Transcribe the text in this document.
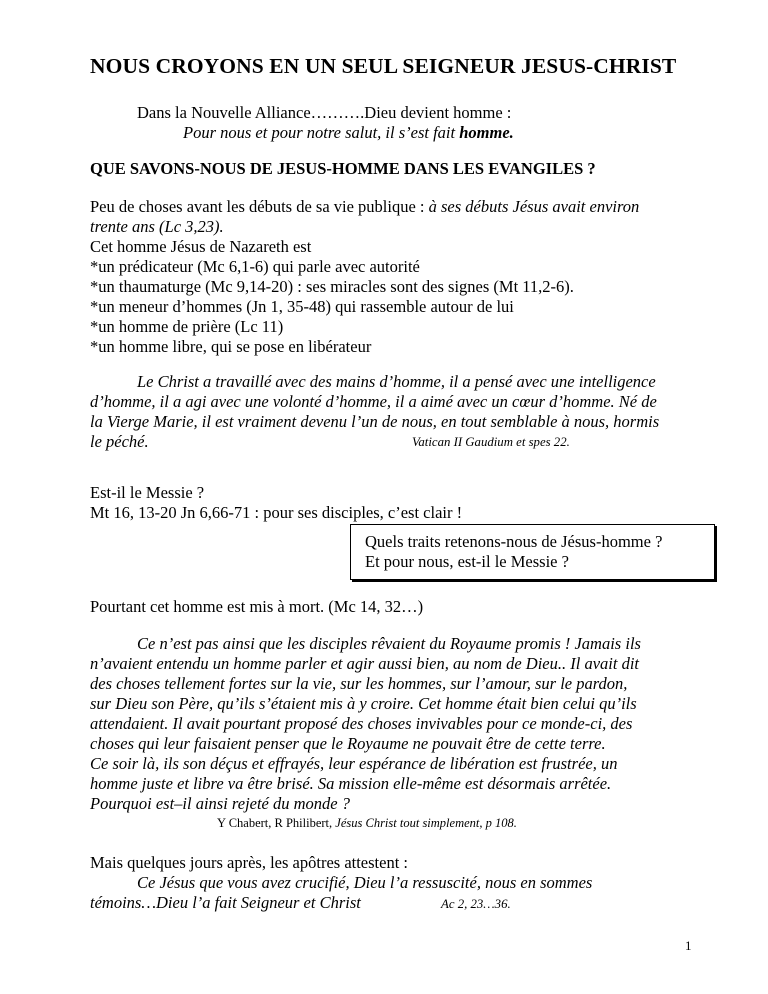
NOUS CROYONS EN UN SEUL SEIGNEUR JESUS-CHRIST
Dans la Nouvelle Alliance……….Dieu devient homme :
Pour nous et pour notre salut, il s’est fait homme.
QUE SAVONS-NOUS DE JESUS-HOMME DANS LES EVANGILES ?
Peu de choses avant les débuts de sa vie publique : à ses débuts Jésus avait environ
trente ans (Lc 3,23).
Cet homme Jésus de Nazareth est
*un prédicateur (Mc 6,1-6) qui parle avec autorité
*un thaumaturge (Mc 9,14-20) : ses miracles sont des signes (Mt 11,2-6).
*un meneur d’hommes (Jn 1, 35-48) qui rassemble autour de lui
*un homme de prière (Lc 11)
*un homme libre, qui se pose en libérateur
Le Christ a travaillé avec des mains d’homme, il a pensé avec une intelligence
d’homme, il a agi avec une volonté d’homme, il a aimé avec un cœur d’homme. Né de
la Vierge Marie, il est vraiment devenu l’un de nous, en tout semblable à nous, hormis
le péché.	Vatican II Gaudium et spes 22.
Est-il le Messie ?
Mt 16, 13-20 Jn 6,66-71 : pour ses disciples, c’est clair !
Quels traits retenons-nous de Jésus-homme ?
Et pour nous, est-il le Messie ?
Pourtant cet homme est mis à mort. (Mc 14, 32…)
Ce n’est pas ainsi que les disciples rêvaient du Royaume promis ! Jamais ils
n’avaient entendu un homme parler et agir aussi bien, au nom de Dieu.. Il avait dit
des choses tellement fortes sur la vie, sur les hommes, sur l’amour, sur le pardon,
sur Dieu son Père, qu’ils s’étaient mis à y croire. Cet homme était bien celui qu’ils
attendaient. Il avait pourtant proposé des choses invivables pour ce monde-ci, des
choses qui leur faisaient penser que le Royaume ne pouvait être de cette terre.
Ce soir là, ils son déçus et effrayés, leur espérance de libération est frustrée, un
homme juste et libre va être brisé. Sa mission elle-même est désormais arrêtée.
Pourquoi est–il ainsi rejeté du monde ?
Y Chabert, R Philibert, Jésus Christ tout simplement, p 108.
Mais quelques jours après, les apôtres attestent :
Ce Jésus que vous avez crucifié, Dieu l’a ressuscité, nous en sommes
témoins…Dieu l’a fait Seigneur et Christ	Ac 2, 23…36.
1
